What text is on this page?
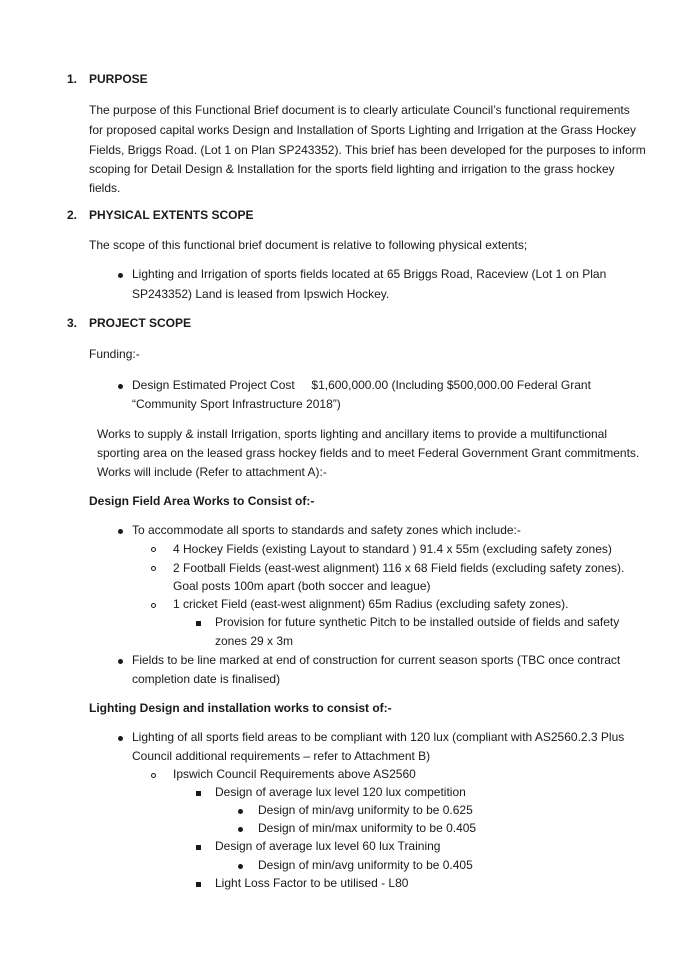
1. PURPOSE
The purpose of this Functional Brief document is to clearly articulate Council’s functional requirements
for proposed capital works Design and Installation of Sports Lighting and Irrigation at the Grass Hockey
Fields, Briggs Road. (Lot 1 on Plan SP243352). This brief has been developed for the purposes to inform
scoping for Detail Design & Installation for the sports field lighting and irrigation to the grass hockey
fields.
2. PHYSICAL EXTENTS SCOPE
The scope of this functional brief document is relative to following physical extents;
Lighting and Irrigation of sports fields located at 65 Briggs Road, Raceview (Lot 1 on Plan
SP243352) Land is leased from Ipswich Hockey.
3. PROJECT SCOPE
Funding:-
Design Estimated Project Cost     $1,600,000.00 (Including $500,000.00 Federal Grant
“Community Sport Infrastructure 2018”)
Works to supply & install Irrigation, sports lighting and ancillary items to provide a multifunctional
sporting area on the leased grass hockey fields and to meet Federal Government Grant commitments.
Works will include (Refer to attachment A):-
Design Field Area Works to Consist of:-
To accommodate all sports to standards and safety zones which include:-
4 Hockey Fields (existing Layout to standard ) 91.4 x 55m (excluding safety zones)
2 Football Fields (east-west alignment) 116 x 68 Field fields (excluding safety zones).
Goal posts 100m apart (both soccer and league)
1 cricket Field (east-west alignment) 65m Radius (excluding safety zones).
Provision for future synthetic Pitch to be installed outside of fields and safety
zones 29 x 3m
Fields to be line marked at end of construction for current season sports (TBC once contract
completion date is finalised)
Lighting Design and installation works to consist of:-
Lighting of all sports field areas to be compliant with 120 lux (compliant with AS2560.2.3 Plus
Council additional requirements – refer to Attachment B)
Ipswich Council Requirements above AS2560
Design of average lux level 120 lux competition
Design of min/avg uniformity to be 0.625
Design of min/max uniformity to be 0.405
Design of average lux level 60 lux Training
Design of min/avg uniformity to be 0.405
Light Loss Factor to be utilised - L80
